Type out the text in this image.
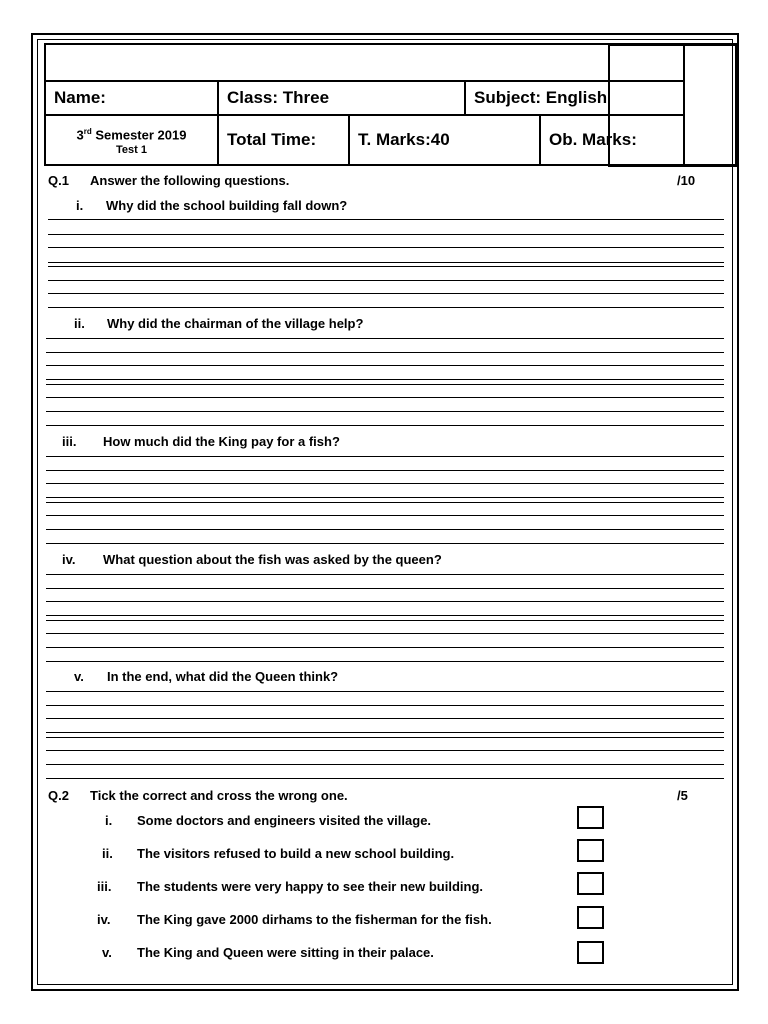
Name:	Class: Three		Subject: English	

3rd Semester 2019
Test 1	Total Time:	T. Marks:40		Ob. Marks:
Q.1 Answer the following questions.	/10
i. Why did the school building fall down?
ii. Why did the chairman of the village help?
iii. How much did the King pay for a fish?
iv. What question about the fish was asked by the queen?
v. In the end, what did the Queen think?
Q.2 Tick the correct and cross the wrong one.	/5
i. Some doctors and engineers visited the village.
ii. The visitors refused to build a new school building.
iii. The students were very happy to see their new building.
iv. The King gave 2000 dirhams to the fisherman for the fish.
v. The King and Queen were sitting in their palace.
